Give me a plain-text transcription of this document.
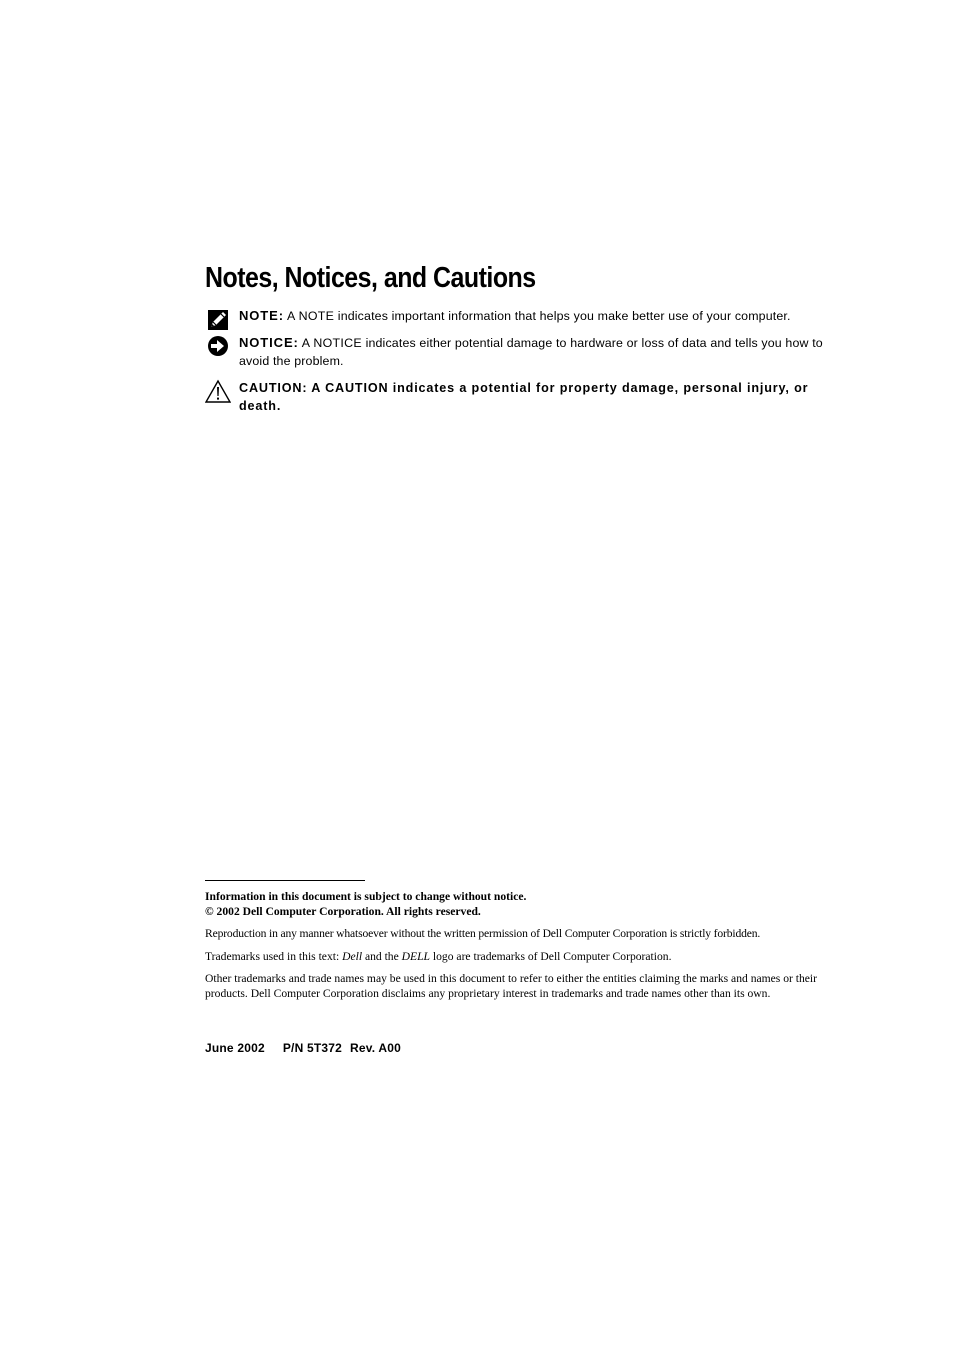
Notes, Notices, and Cautions
NOTE: A NOTE indicates important information that helps you make better use of your computer.
NOTICE: A NOTICE indicates either potential damage to hardware or loss of data and tells you how to avoid the problem.
CAUTION: A CAUTION indicates a potential for property damage, personal injury, or death.

Information in this document is subject to change without notice.

© 2002 Dell Computer Corporation. All rights reserved.

Reproduction in any manner whatsoever without the written permission of Dell Computer Corporation is strictly forbidden.

Trademarks used in this text: Dell and the DELL logo are trademarks of Dell Computer Corporation.

Other trademarks and trade names may be used in this document to refer to either the entities claiming the marks and names or their products. Dell Computer Corporation disclaims any proprietary interest in trademarks and trade names other than its own.

June 2002 P/N 5T372 Rev. A00
